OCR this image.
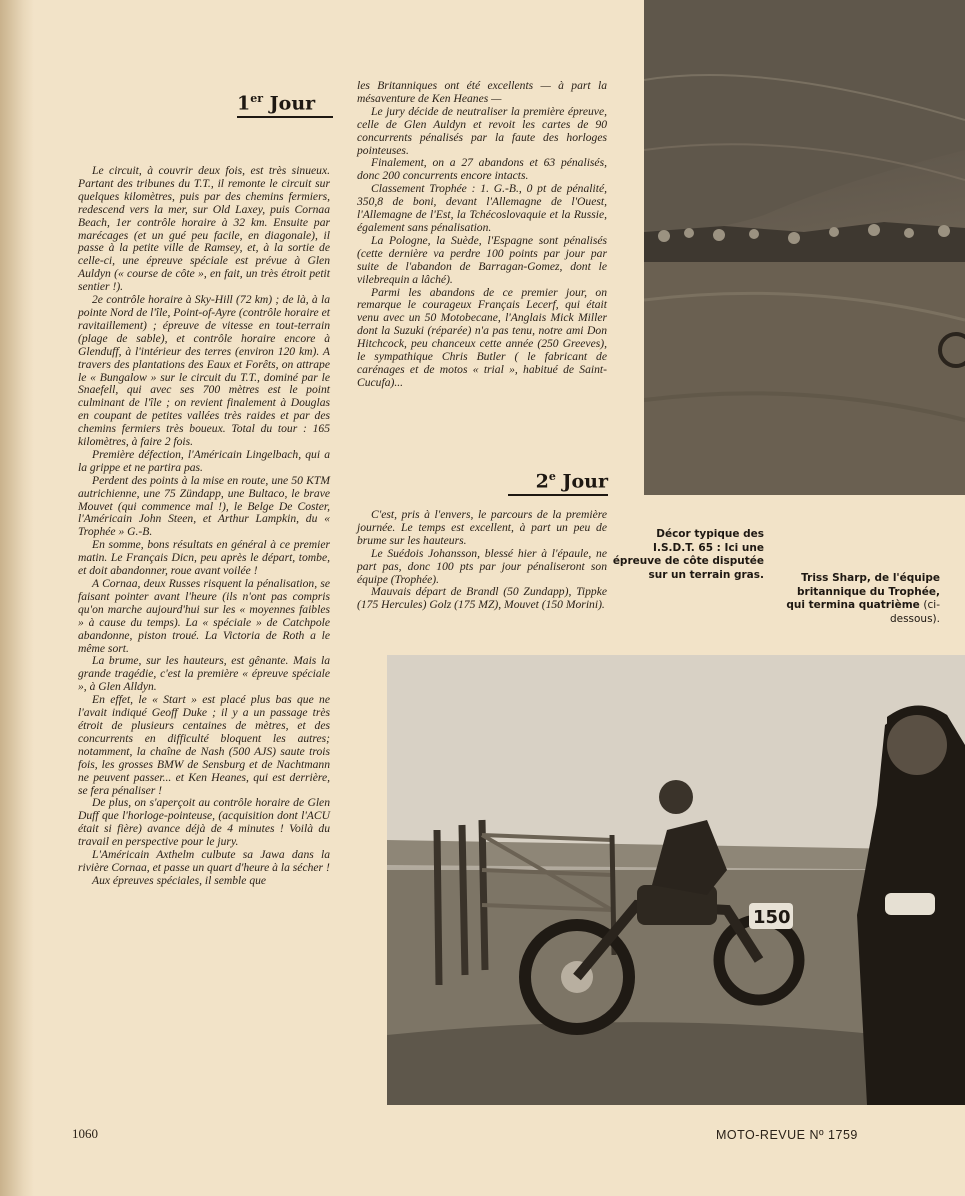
1er Jour
2e Jour

Le circuit, à couvrir deux fois, est très sinueux. Partant des tribunes du T.T., il remonte le circuit sur quelques kilomètres, puis par des chemins fermiers, redescend vers la mer, sur Old Laxey, puis Cornaa Beach, 1er contrôle horaire à 32 km. Ensuite par marécages (et un gué peu facile, en diagonale), il passe à la petite ville de Ramsey, et, à la sortie de celle-ci, une épreuve spéciale est prévue à Glen Auldyn (« course de côte », en fait, un très étroit petit sentier !).

2e contrôle horaire à Sky-Hill (72 km) ; de là, à la pointe Nord de l'île, Point-of-Ayre (contrôle horaire et ravitaillement) ; épreuve de vitesse en tout-terrain (plage de sable), et contrôle horaire encore à Glenduff, à l'intérieur des terres (environ 120 km). A travers des plantations des Eaux et Forêts, on attrape le « Bungalow » sur le circuit du T.T., dominé par le Snaefell, qui avec ses 700 mètres est le point culminant de l'île ; on revient finalement à Douglas en coupant de petites vallées très raides et par des chemins fermiers très boueux. Total du tour : 165 kilomètres, à faire 2 fois.

Première défection, l'Américain Lingelbach, qui a la grippe et ne partira pas.

Perdent des points à la mise en route, une 50 KTM autrichienne, une 75 Zündapp, une Bultaco, le brave Mouvet (qui commence mal !), le Belge De Coster, l'Américain John Steen, et Arthur Lampkin, du « Trophée » G.-B.

En somme, bons résultats en général à ce premier matin. Le Français Dicn, peu après le départ, tombe, et doit abandonner, roue avant voilée !

A Cornaa, deux Russes risquent la pénalisation, se faisant pointer avant l'heure (ils n'ont pas compris qu'on marche aujourd'hui sur les « moyennes faibles » à cause du temps). La « spéciale » de Catchpole abandonne, piston troué. La Victoria de Roth a le même sort.

La brume, sur les hauteurs, est gênante. Mais la grande tragédie, c'est la première « épreuve spéciale », à Glen Alldyn.

En effet, le « Start » est placé plus bas que ne l'avait indiqué Geoff Duke ; il y a un passage très étroit de plusieurs centaines de mètres, et des concurrents en difficulté bloquent les autres; notamment, la chaîne de Nash (500 AJS) saute trois fois, les grosses BMW de Sensburg et de Nachtmann ne peuvent passer... et Ken Heanes, qui est derrière, se fera pénaliser !

De plus, on s'aperçoit au contrôle horaire de Glen Duff que l'horloge-pointeuse, (acquisition dont l'ACU était si fière) avance déjà de 4 minutes ! Voilà du travail en perspective pour le jury.

L'Américain Axthelm culbute sa Jawa dans la rivière Cornaa, et passe un quart d'heure à la sécher !

Aux épreuves spéciales, il semble que

les Britanniques ont été excellents — à part la mésaventure de Ken Heanes —

Le jury décide de neutraliser la première épreuve, celle de Glen Auldyn et revoit les cartes de 90 concurrents pénalisés par la faute des horloges pointeuses.

Finalement, on a 27 abandons et 63 pénalisés, donc 200 concurrents encore intacts.

Classement Trophée : 1. G.-B., 0 pt de pénalité, 350,8 de boni, devant l'Allemagne de l'Ouest, l'Allemagne de l'Est, la Tchécoslovaquie et la Russie, également sans pénalisation.

La Pologne, la Suède, l'Espagne sont pénalisés (cette dernière va perdre 100 points par jour par suite de l'abandon de Barragan-Gomez, dont le vilebrequin a lâché).

Parmi les abandons de ce premier jour, on remarque le courageux Français Lecerf, qui était venu avec un 50 Motobecane, l'Anglais Mick Miller dont la Suzuki (réparée) n'a pas tenu, notre ami Don Hitchcock, peu chanceux cette année (250 Greeves), le sympathique Chris Butler ( le fabricant de carénages et de motos « trial », habitué de Saint-Cucufa)...

C'est, pris à l'envers, le parcours de la première journée. Le temps est excellent, à part un peu de brume sur les hauteurs.

Le Suédois Johansson, blessé hier à l'épaule, ne part pas, donc 100 pts par jour pénaliseront son équipe (Trophée).

Mauvais départ de Brandl (50 Zundapp), Tippke (175 Hercules) Golz (175 MZ), Mouvet (150 Morini).

Décor typique des I.S.D.T. 65 : Ici une épreuve de côte disputée sur un terrain gras.	Triss Sharp, de l'équipe britannique du Trophée, qui termina quatrième (ci-dessous).
150
1060	MOTO-REVUE Nº 1759
